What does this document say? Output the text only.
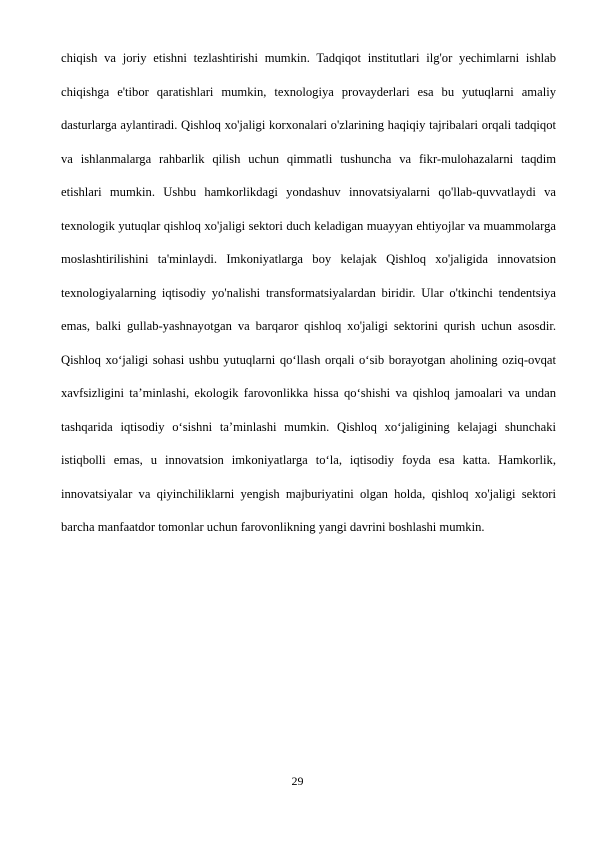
chiqish va joriy etishni tezlashtirishi mumkin. Tadqiqot institutlari ilg'or yechimlarni ishlab chiqishga e'tibor qaratishlari mumkin, texnologiya provayderlari esa bu yutuqlarni amaliy dasturlarga aylantiradi. Qishloq xo'jaligi korxonalari o'zlarining haqiqiy tajribalari orqali tadqiqot va ishlanmalarga rahbarlik qilish uchun qimmatli tushuncha va fikr-mulohazalarni taqdim etishlari mumkin. Ushbu hamkorlikdagi yondashuv innovatsiyalarni qo'llab-quvvatlaydi va texnologik yutuqlar qishloq xo'jaligi sektori duch keladigan muayyan ehtiyojlar va muammolarga moslashtirilishini ta'minlaydi. Imkoniyatlarga boy kelajak Qishloq xo'jaligida innovatsion texnologiyalarning iqtisodiy yo'nalishi transformatsiyalardan biridir. Ular o'tkinchi tendentsiya emas, balki gullab-yashnayotgan va barqaror qishloq xo'jaligi sektorini qurish uchun asosdir. Qishloq xo‘jaligi sohasi ushbu yutuqlarni qo‘llash orqali o‘sib borayotgan aholining oziq-ovqat xavfsizligini ta’minlashi, ekologik farovonlikka hissa qo‘shishi va qishloq jamoalari va undan tashqarida iqtisodiy o‘sishni ta’minlashi mumkin. Qishloq xo‘jaligining kelajagi shunchaki istiqbolli emas, u innovatsion imkoniyatlarga to‘la, iqtisodiy foyda esa katta. Hamkorlik, innovatsiyalar va qiyinchiliklarni yengish majburiyatini olgan holda, qishloq xo'jaligi sektori barcha manfaatdor tomonlar uchun farovonlikning yangi davrini boshlashi mumkin.

29
